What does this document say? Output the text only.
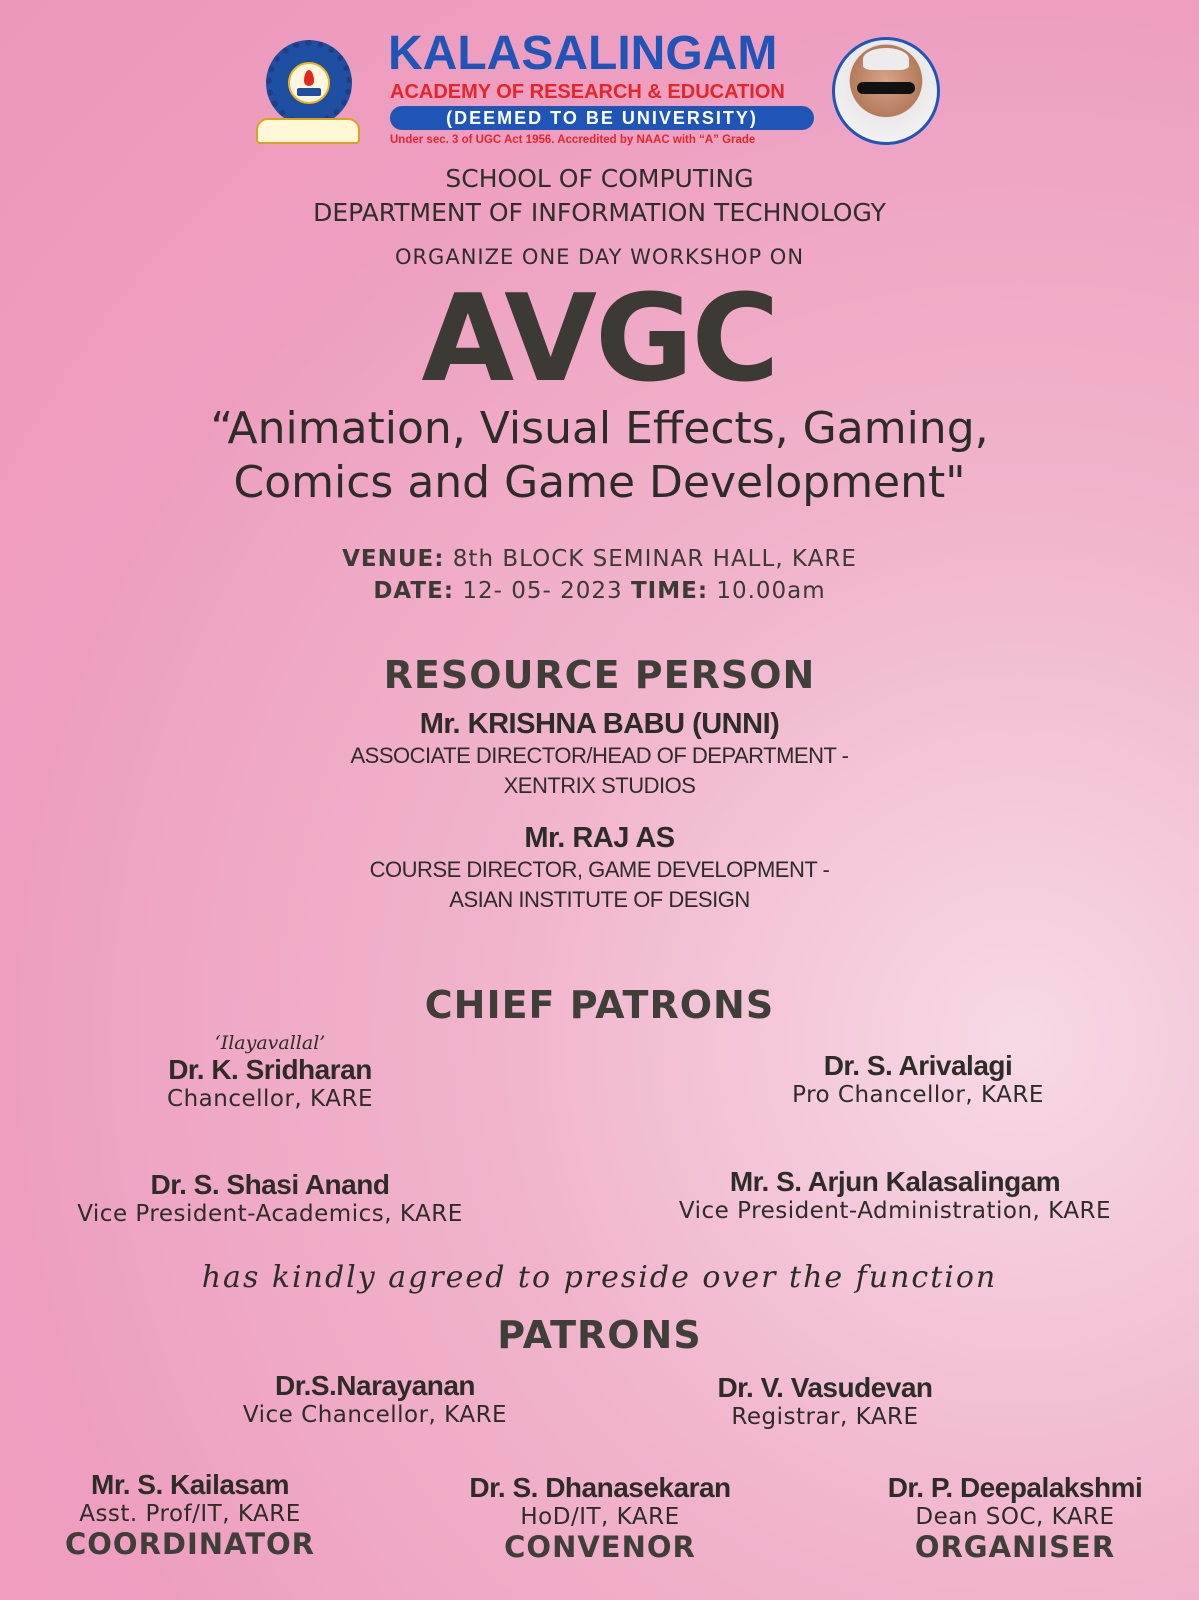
KALASALINGAM
ACADEMY OF RESEARCH & EDUCATION
(DEEMED TO BE UNIVERSITY)
Under sec. 3 of UGC Act 1956. Accredited by NAAC with “A” Grade
SCHOOL OF COMPUTING
DEPARTMENT OF INFORMATION TECHNOLOGY
ORGANIZE ONE DAY WORKSHOP ON
AVGC
“Animation, Visual Effects, Gaming,
Comics and Game Development"
VENUE: 8th BLOCK SEMINAR HALL, KARE
DATE: 12- 05- 2023 TIME: 10.00am
RESOURCE PERSON
Mr. KRISHNA BABU (UNNI)
ASSOCIATE DIRECTOR/HEAD OF DEPARTMENT -
XENTRIX STUDIOS
Mr. RAJ AS
COURSE DIRECTOR, GAME DEVELOPMENT -
ASIAN INSTITUTE OF DESIGN
CHIEF PATRONS
‘Ilayavallal’
Dr. K. Sridharan
Chancellor, KARE
Dr. S. Arivalagi
Pro Chancellor, KARE
Dr. S. Shasi Anand
Vice President-Academics, KARE
Mr. S. Arjun Kalasalingam
Vice President-Administration, KARE
has kindly agreed to preside over the function
PATRONS
Dr.S.Narayanan
Vice Chancellor, KARE
Dr. V. Vasudevan
Registrar, KARE
Mr. S. Kailasam
Asst. Prof/IT, KARE
COORDINATOR
Dr. S. Dhanasekaran
HoD/IT, KARE
CONVENOR
Dr. P. Deepalakshmi
Dean SOC, KARE
ORGANISER
